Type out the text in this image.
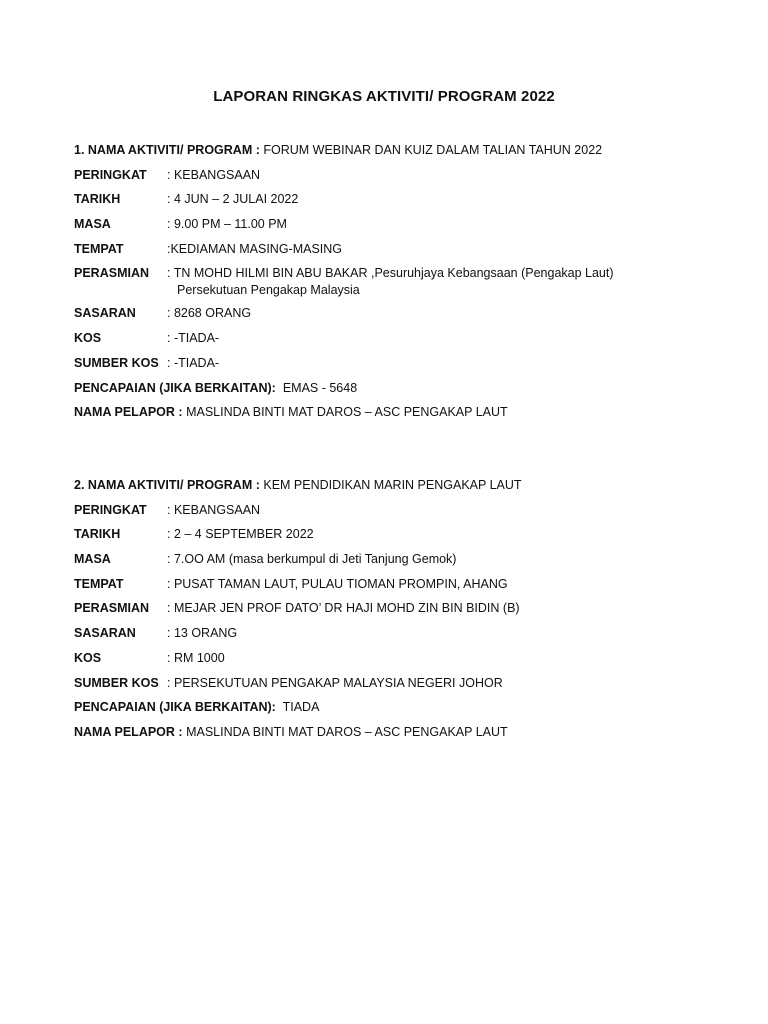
LAPORAN RINGKAS AKTIVITI/ PROGRAM 2022
1. NAMA AKTIVITI/ PROGRAM : FORUM WEBINAR DAN KUIZ DALAM TALIAN TAHUN 2022
PERINGKAT	: KEBANGSAAN
TARIKH	: 4 JUN – 2 JULAI 2022
MASA	: 9.00 PM – 11.00 PM
TEMPAT	:KEDIAMAN MASING-MASING
PERASMIAN	: TN MOHD HILMI BIN ABU BAKAR ,Pesuruhjaya Kebangsaan (Pengakap Laut)
Persekutuan Pengakap Malaysia
SASARAN	: 8268 ORANG
KOS	: -TIADA-
SUMBER KOS : -TIADA-
PENCAPAIAN (JIKA BERKAITAN): EMAS - 5648
NAMA PELAPOR : MASLINDA BINTI MAT DAROS – ASC PENGAKAP LAUT
2. NAMA AKTIVITI/ PROGRAM : KEM PENDIDIKAN MARIN PENGAKAP LAUT
PERINGKAT	: KEBANGSAAN
TARIKH	: 2 – 4 SEPTEMBER 2022
MASA	: 7.OO AM (masa berkumpul di Jeti Tanjung Gemok)
TEMPAT	: PUSAT TAMAN LAUT, PULAU TIOMAN PROMPIN, AHANG
PERASMIAN	: MEJAR JEN PROF DATO’ DR HAJI MOHD ZIN BIN BIDIN (B)
SASARAN	: 13 ORANG
KOS	: RM 1000
SUMBER KOS : PERSEKUTUAN PENGAKAP MALAYSIA NEGERI JOHOR
PENCAPAIAN (JIKA BERKAITAN): TIADA
NAMA PELAPOR : MASLINDA BINTI MAT DAROS – ASC PENGAKAP LAUT
